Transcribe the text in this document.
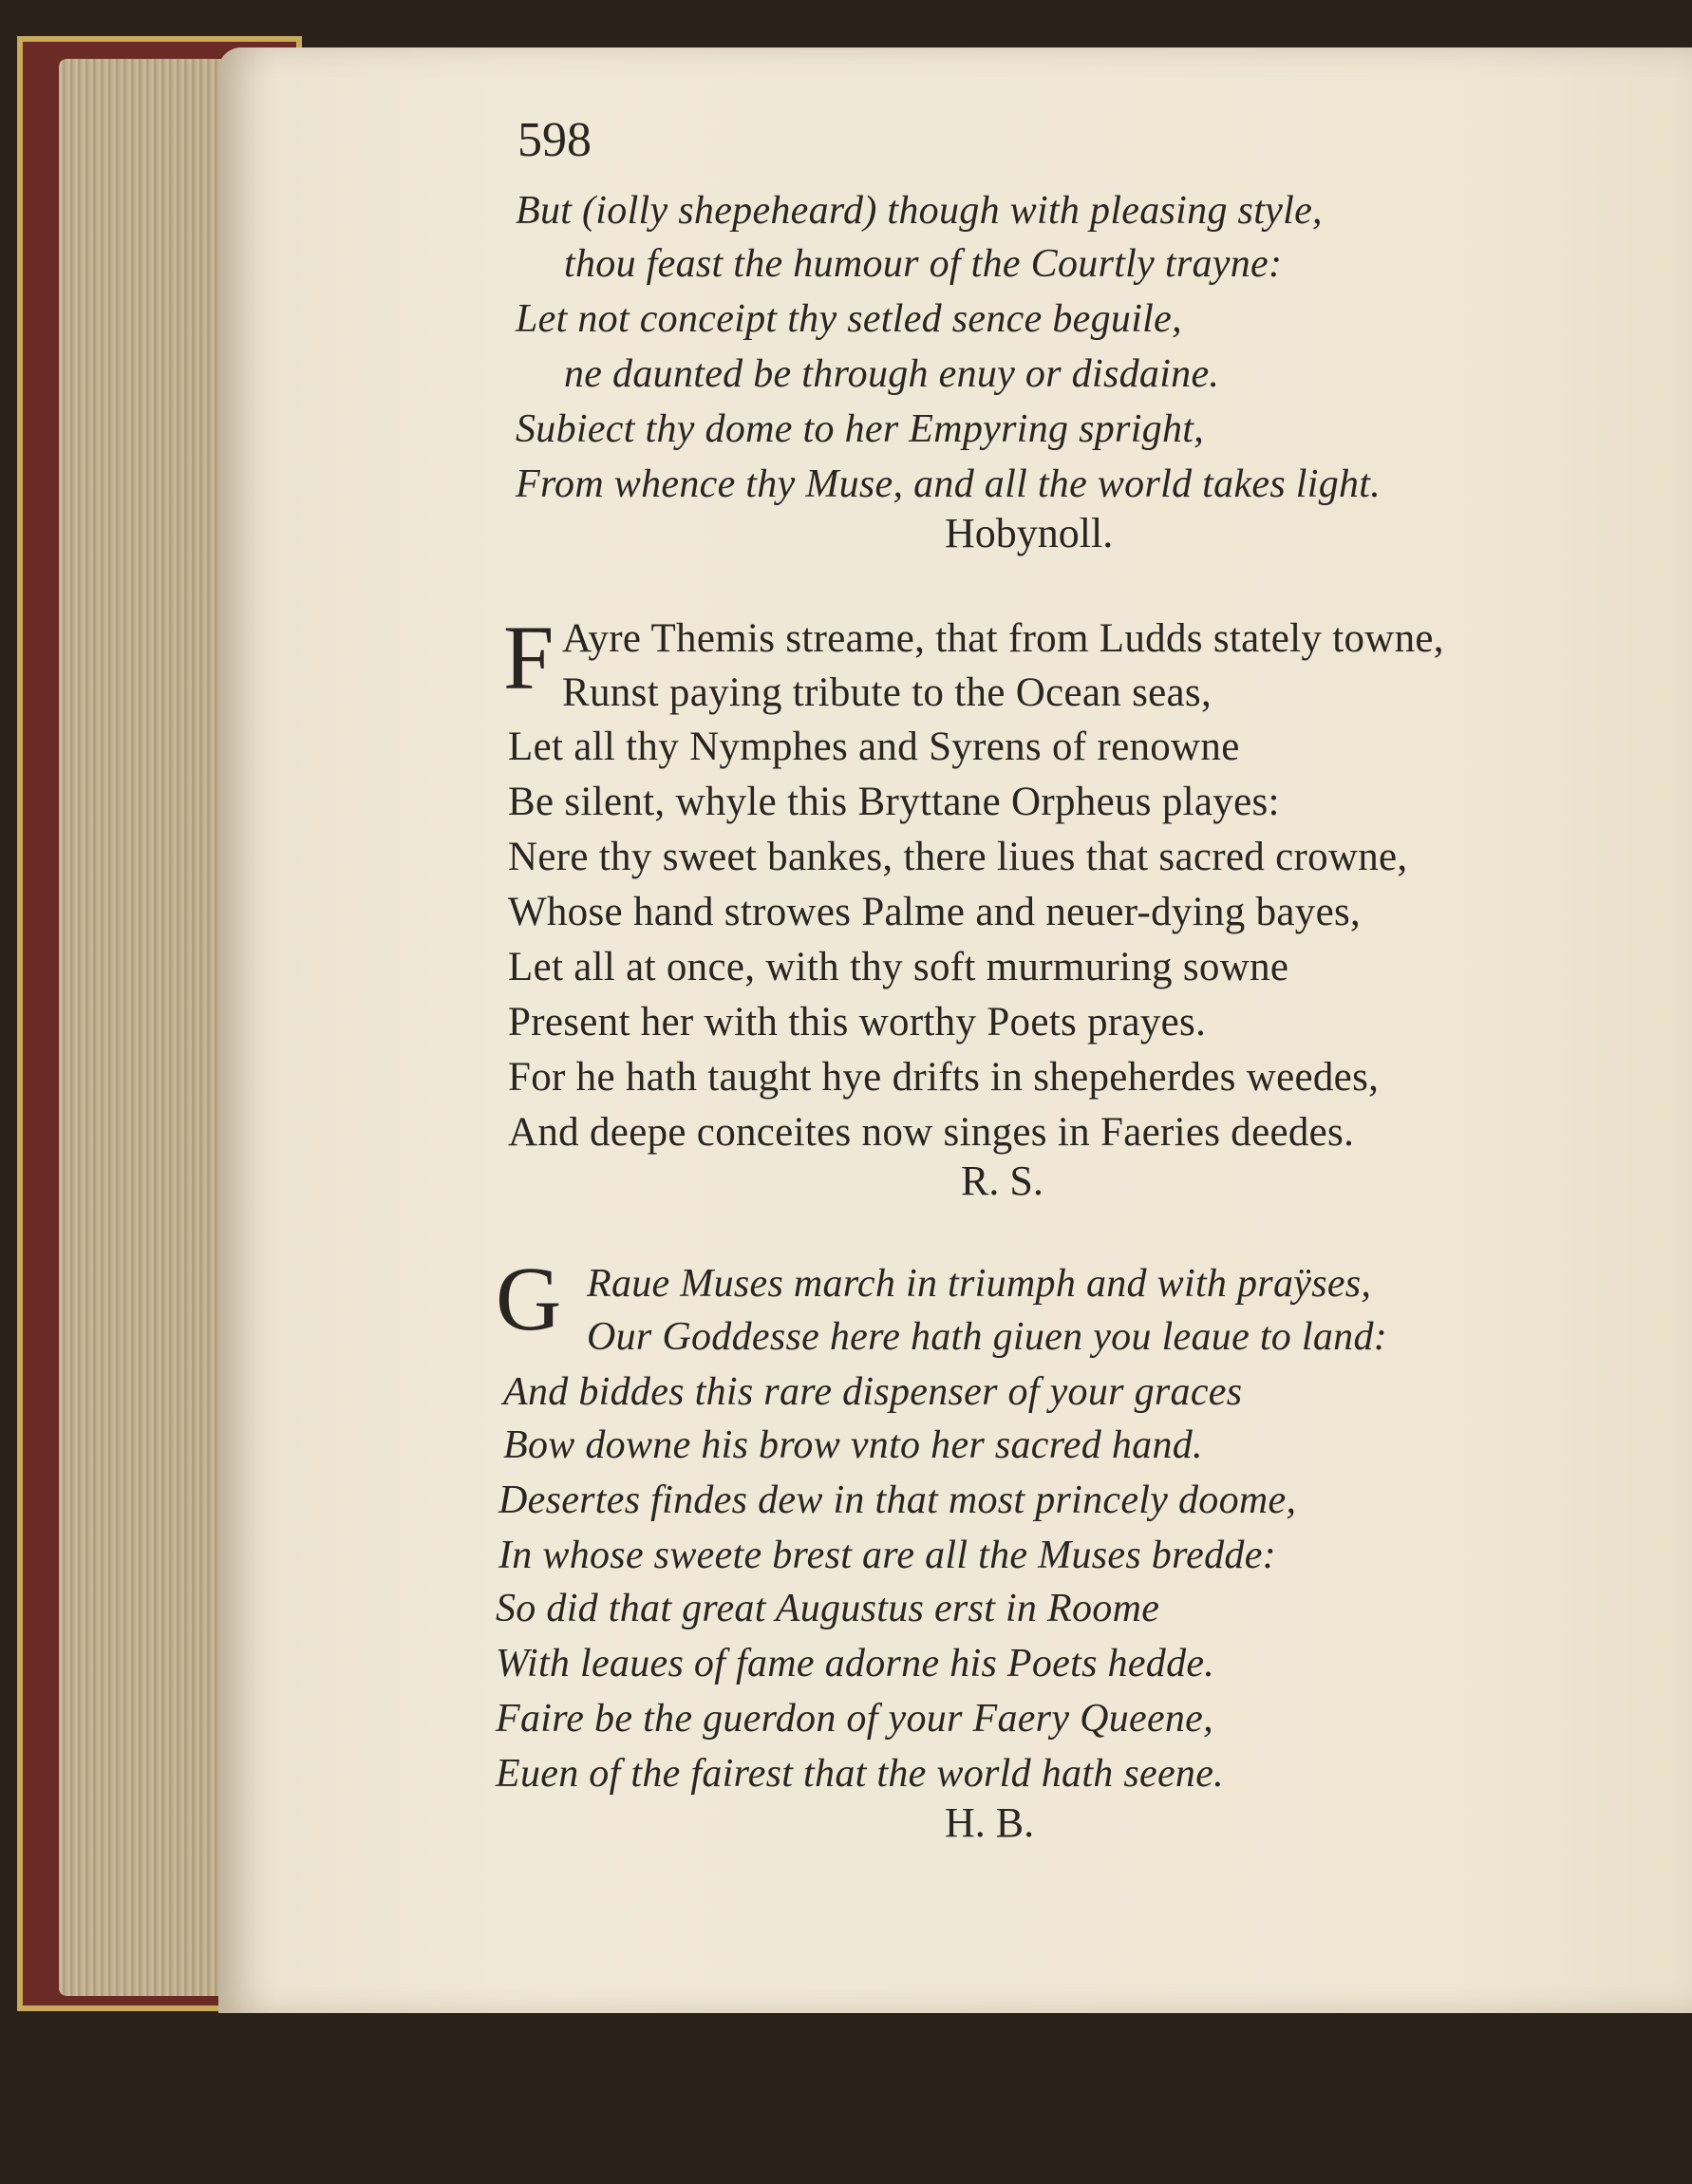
598
But (iolly shepeheard) though with pleasing style,
thou feast the humour of the Courtly trayne:
Let not conceipt thy setled sence beguile,
ne daunted be through enuy or disdaine.
Subiect thy dome to her Empyring spright,
From whence thy Muse, and all the world takes light.
Hobynoll.
F Ayre Themis streame, that from Ludds stately towne,
Runst paying tribute to the Ocean seas,
Let all thy Nymphes and Syrens of renowne
Be silent, whyle this Bryttane Orpheus playes:
Nere thy sweet bankes, there liues that sacred crowne,
Whose hand strowes Palme and neuer-dying bayes,
Let all at once, with thy soft murmuring sowne
Present her with this worthy Poets prayes.
For he hath taught hye drifts in shepeherdes weedes,
And deepe conceites now singes in Faeries deedes.
R. S.
G Raue Muses march in triumph and with praÿses,
Our Goddesse here hath giuen you leaue to land:
And biddes this rare dispenser of your graces
Bow downe his brow vnto her sacred hand.
Desertes findes dew in that most princely doome,
In whose sweete brest are all the Muses bredde:
So did that great Augustus erst in Roome
With leaues of fame adorne his Poets hedde.
Faire be the guerdon of your Faery Queene,
Euen of the fairest that the world hath seene.
H. B.
